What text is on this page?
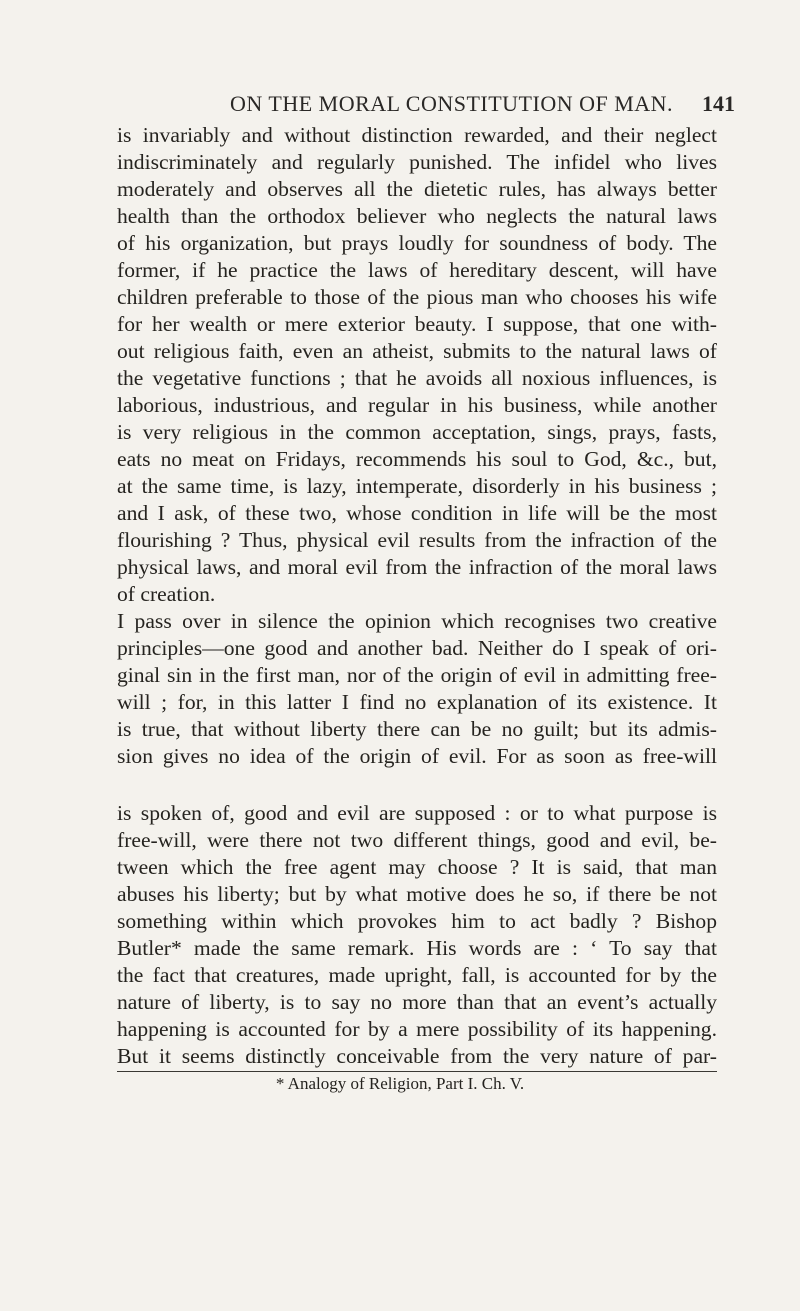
ON THE MORAL CONSTITUTION OF MAN. 141
is invariably and without distinction rewarded, and their neglect
indiscriminately and regularly punished. The infidel who lives
moderately and observes all the dietetic rules, has always better
health than the orthodox believer who neglects the natural laws
of his organization, but prays loudly for soundness of body. The
former, if he practice the laws of hereditary descent, will have
children preferable to those of the pious man who chooses his wife
for her wealth or mere exterior beauty. I suppose, that one with-
out religious faith, even an atheist, submits to the natural laws of
the vegetative functions ; that he avoids all noxious influences, is
laborious, industrious, and regular in his business, while another
is very religious in the common acceptation, sings, prays, fasts,
eats no meat on Fridays, recommends his soul to God, &c., but,
at the same time, is lazy, intemperate, disorderly in his business ;
and I ask, of these two, whose condition in life will be the most
flourishing ? Thus, physical evil results from the infraction of the
physical laws, and moral evil from the infraction of the moral laws
of creation.
I pass over in silence the opinion which recognises two creative
principles—one good and another bad. Neither do I speak of ori-
ginal sin in the first man, nor of the origin of evil in admitting free-
will ; for, in this latter I find no explanation of its existence. It
is true, that without liberty there can be no guilt; but its admis-
sion gives no idea of the origin of evil. For as soon as free-will
is spoken of, good and evil are supposed : or to what purpose is
free-will, were there not two different things, good and evil, be-
tween which the free agent may choose ? It is said, that man
abuses his liberty; but by what motive does he so, if there be not
something within which provokes him to act badly ? Bishop
Butler* made the same remark. His words are : ‘ To say that
the fact that creatures, made upright, fall, is accounted for by the
nature of liberty, is to say no more than that an event’s actually
happening is accounted for by a mere possibility of its happening.
But it seems distinctly conceivable from the very nature of par-
* Analogy of Religion, Part I. Ch. V.
